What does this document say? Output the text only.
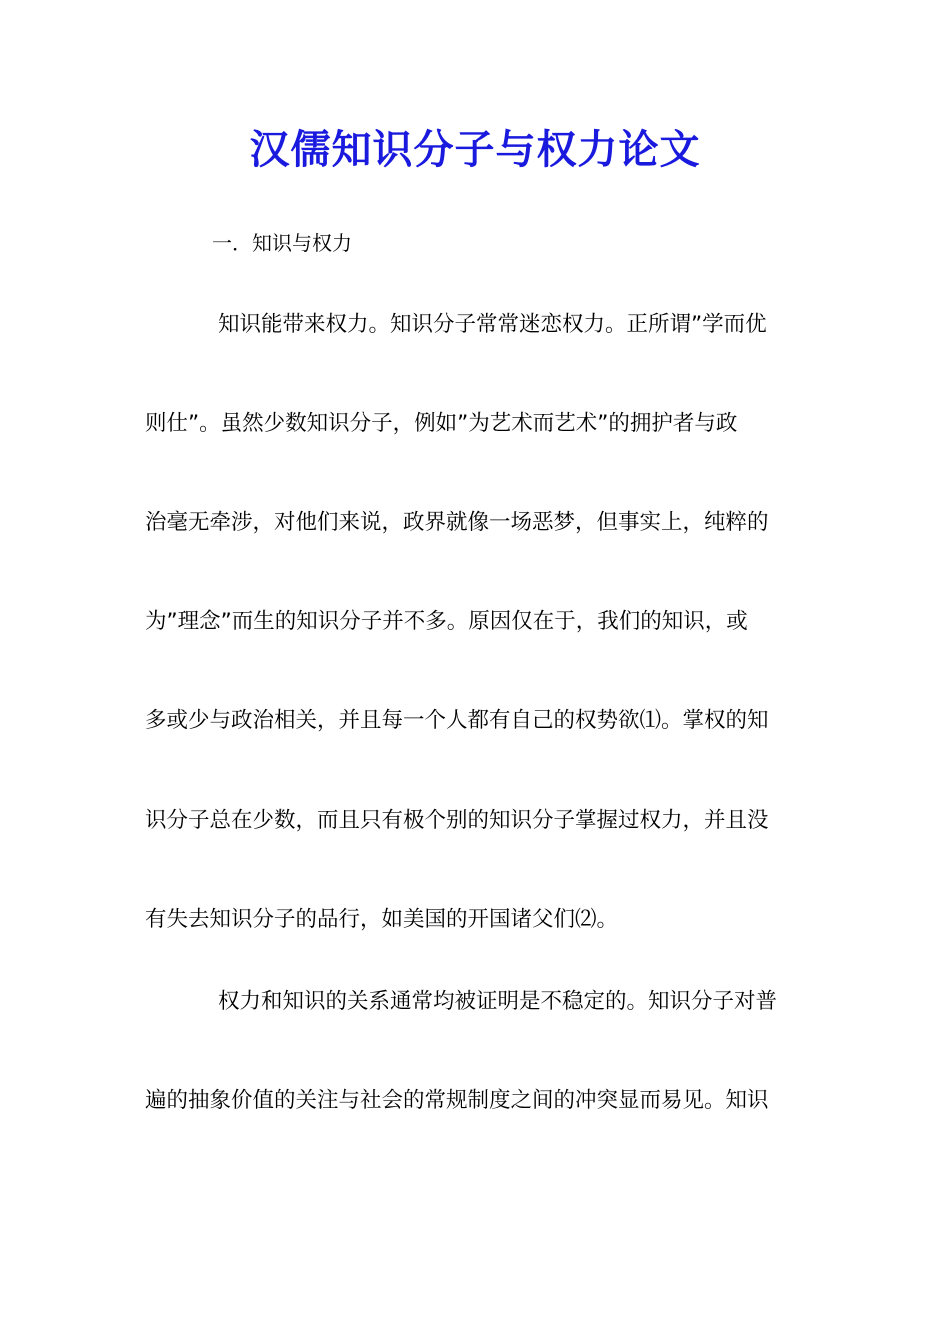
汉儒知识分子与权力论文
一．知识与权力
知识能带来权力。知识分子常常迷恋权力。正所谓”学而优
则仕”。虽然少数知识分子，例如”为艺术而艺术”的拥护者与政
治毫无牵涉，对他们来说，政界就像一场恶梦，但事实上，纯粹的
为”理念”而生的知识分子并不多。原因仅在于，我们的知识，或
多或少与政治相关，并且每一个人都有自己的权势欲⑴。掌权的知
识分子总在少数，而且只有极个别的知识分子掌握过权力，并且没
有失去知识分子的品行，如美国的开国诸父们⑵。
权力和知识的关系通常均被证明是不稳定的。知识分子对普
遍的抽象价值的关注与社会的常规制度之间的冲突显而易见。知识
